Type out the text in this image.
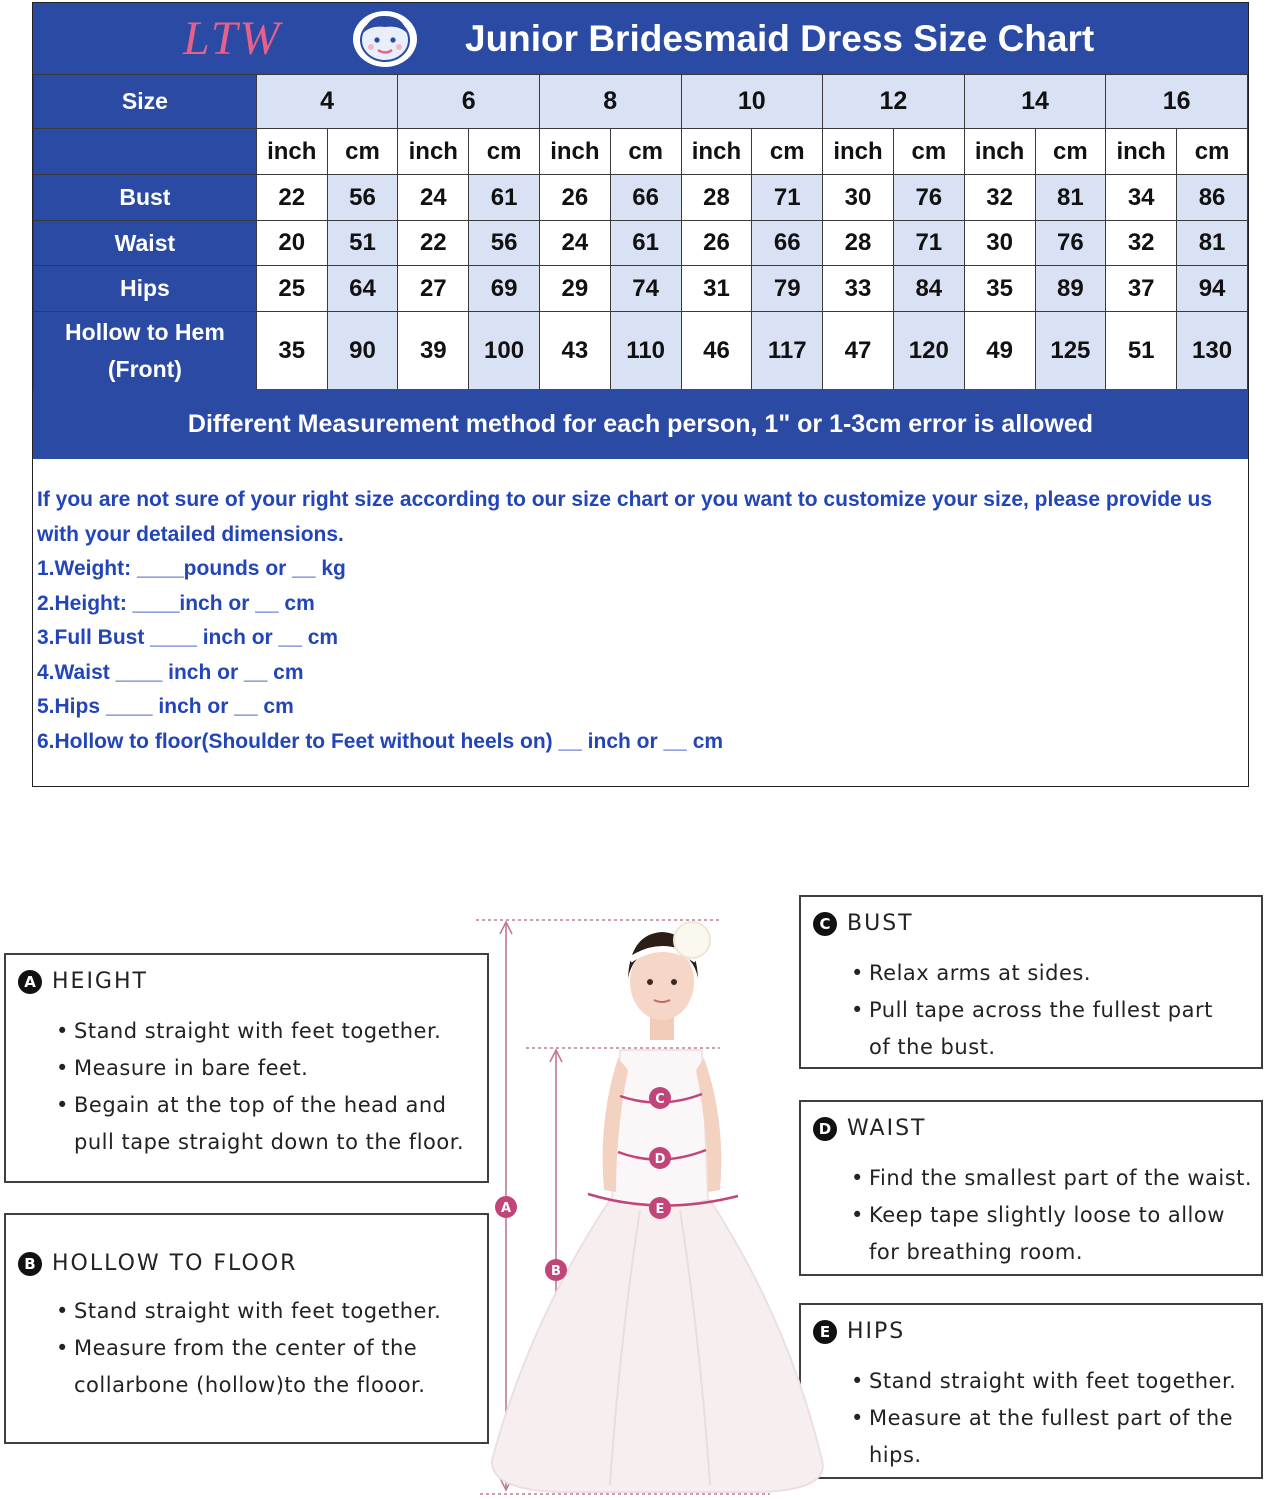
LTW	Junior Bridesmaid Dress Size Chart
Size	4		6		8		10		12		14		16	
	inch	cm	inch	cm	inch	cm	inch	cm	inch	cm	inch	cm	inch	cm
Bust	22	56	24	61	26	66	28	71	30	76	32	81	34	86
Waist	20	51	22	56	24	61	26	66	28	71	30	76	32	81
Hips	25	64	27	69	29	74	31	79	33	84	35	89	37	94

Hollow to Hem
(Front)	35	90	39	100	43	110	46	117	47	120	49	125	51	130
Different Measurement method for each person, 1" or 1-3cm error is allowed
If you are not sure of your right size according to our size chart or you want to customize your size, please provide us with your detailed dimensions.
1.Weight: ____pounds or __ kg
2.Height: ____inch or __ cm
3.Full Bust ____ inch or __ cm
4.Waist ____ inch or __ cm
5.Hips ____ inch or __ cm
6.Hollow to floor(Shoulder to Feet without heels on) __ inch or __ cm
A HEIGHT
• Stand straight with feet together.
• Measure in bare feet.
• Begain at the top of the head and
pull tape straight down to the floor.
B HOLLOW TO FLOOR
• Stand straight with feet together.
• Measure from the center of the
collarbone (hollow)to the flooor.
C BUST
• Relax arms at sides.
• Pull tape across the fullest part
of the bust.
D WAIST
• Find the smallest part of the waist.
• Keep tape slightly loose to allow
for breathing room.
E HIPS
• Stand straight with feet together.
• Measure at the fullest part of the
hips.
A
B
C
D
E
